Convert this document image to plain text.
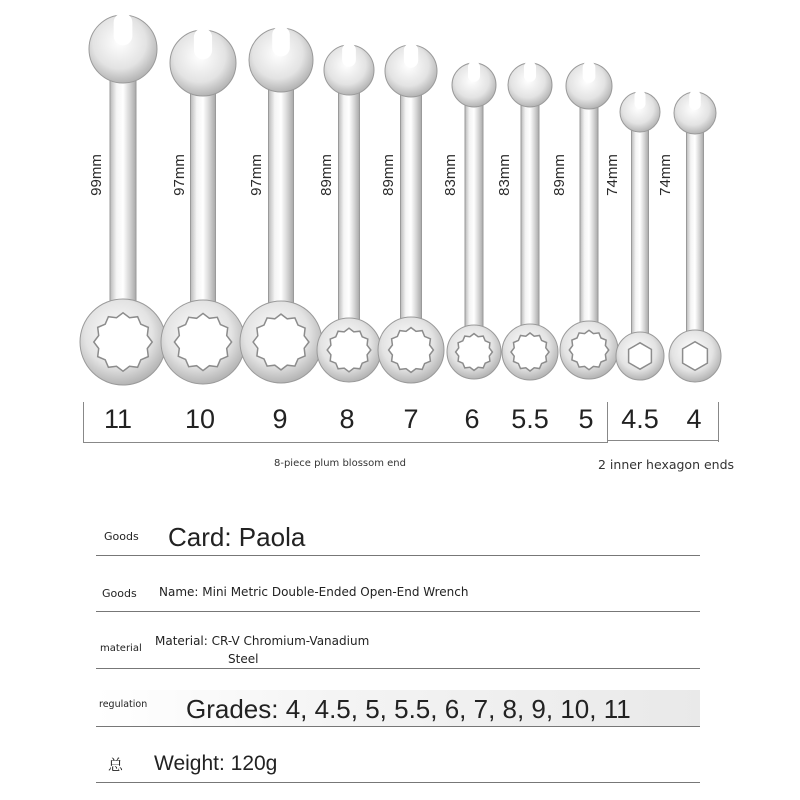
99mm	97mm	97mm	89mm	89mm	83mm 83mm	89mm 74mm 74mm
11	10	9	8	7	6	5.5	5	4.5	4
8-piece plum blossom end	2 inner hexagon ends
Goods Card: Paola
Goods Name: Mini Metric Double-Ended Open-End Wrench
material
Material: CR-V Chromium-Vanadium
Steel
regulation Grades: 4, 4.5, 5, 5.5, 6, 7, 8, 9, 10, 11
总 Weight: 120g
